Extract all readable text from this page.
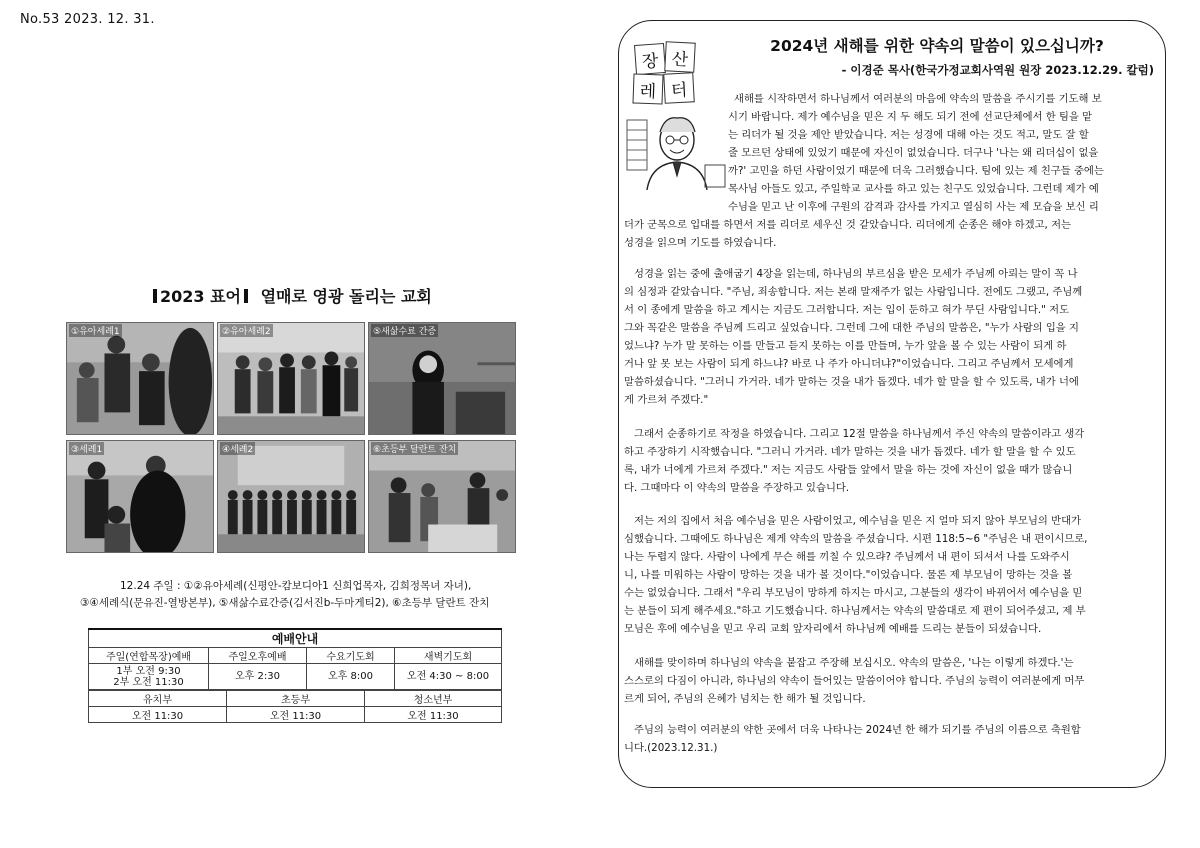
No.53 2023. 12. 31.
2023 표어 열매로 영광 돌리는 교회
①유아세례1	②유아세례2	⑤새삶수료 간증
③세례1	④세례2	⑥초등부 달란트 잔치
12.24 주일 : ①②유아세례(신평안-캄보디아1 신희업목자, 김희정목녀 자녀),
③④세례식(문유진-열방본부), ⑤새삶수료간증(김서진b-두마게티2), ⑥초등부 달란트 잔치
예배안내			
주일(연합목장)예배	주일오후예배	수요기도회	새벽기도회

1부 오전 9:30
2부 오전 11:30	오후 2:30	오후 8:00	오전 4:30 ~ 8:00
유치부	초등부	청소년부
오전 11:30	오전 11:30	오전 11:30
장 산
레 터
2024년 새해를 위한 약속의 말씀이 있으십니까?
- 이경준 목사(한국가정교회사역원 원장 2023.12.29. 칼럼)
새해를 시작하면서 하나님께서 여러분의 마음에 약속의 말씀을 주시기를 기도해 보
시기 바랍니다. 제가 예수님을 믿은 지 두 해도 되기 전에 선교단체에서 한 팀을 맡
는 리더가 될 것을 제안 받았습니다. 저는 성경에 대해 아는 것도 적고, 말도 잘 할
줄 모르던 상태에 있었기 때문에 자신이 없었습니다. 더구나 '나는 왜 리더십이 없을
까?' 고민을 하던 사람이었기 때문에 더욱 그러했습니다. 팀에 있는 제 친구들 중에는
목사님 아들도 있고, 주일학교 교사를 하고 있는 친구도 있었습니다. 그런데 제가 예
수님을 믿고 난 이후에 구원의 감격과 감사를 가지고 열심히 사는 제 모습을 보신 리
더가 군목으로 입대를 하면서 저를 리더로 세우신 것 같았습니다. 리더에게 순종은 해야 하겠고, 저는
성경을 읽으며 기도를 하였습니다.
성경을 읽는 중에 출애굽기 4장을 읽는데, 하나님의 부르심을 받은 모세가 주님께 아뢰는 말이 꼭 나
의 심정과 같았습니다. "주님, 죄송합니다. 저는 본래 말재주가 없는 사람입니다. 전에도 그랬고, 주님께
서 이 종에게 말씀을 하고 계시는 지금도 그러합니다. 저는 입이 둔하고 혀가 무딘 사람입니다." 저도
그와 꼭같은 말씀을 주님께 드리고 싶었습니다. 그런데 그에 대한 주님의 말씀은, "누가 사람의 입을 지
었느냐? 누가 말 못하는 이를 만들고 듣지 못하는 이를 만들며, 누가 앞을 볼 수 있는 사람이 되게 하
거나 앞 못 보는 사람이 되게 하느냐? 바로 나 주가 아니더냐?"이었습니다. 그리고 주님께서 모세에게
말씀하셨습니다. "그러니 가거라. 네가 말하는 것을 내가 돕겠다. 네가 할 말을 할 수 있도록, 내가 너에
게 가르쳐 주겠다."
그래서 순종하기로 작정을 하였습니다. 그리고 12절 말씀을 하나님께서 주신 약속의 말씀이라고 생각
하고 주장하기 시작했습니다. "그러니 가거라. 네가 말하는 것을 내가 돕겠다. 네가 할 말을 할 수 있도
록, 내가 너에게 가르쳐 주겠다." 저는 지금도 사람들 앞에서 말을 하는 것에 자신이 없을 때가 많습니
다. 그때마다 이 약속의 말씀을 주장하고 있습니다.
저는 저의 집에서 처음 예수님을 믿은 사람이었고, 예수님을 믿은 지 얼마 되지 않아 부모님의 반대가
심했습니다. 그때에도 하나님은 제게 약속의 말씀을 주셨습니다. 시편 118:5~6 "주님은 내 편이시므로,
나는 두렵지 않다. 사람이 나에게 무슨 해를 끼칠 수 있으랴? 주님께서 내 편이 되셔서 나를 도와주시
니, 나를 미워하는 사람이 망하는 것을 내가 볼 것이다."이었습니다. 물론 제 부모님이 망하는 것을 볼
수는 없었습니다. 그래서 "우리 부모님이 망하게 하지는 마시고, 그분들의 생각이 바뀌어서 예수님을 믿
는 분들이 되게 해주세요."하고 기도했습니다. 하나님께서는 약속의 말씀대로 제 편이 되어주셨고, 제 부
모님은 후에 예수님을 믿고 우리 교회 앞자리에서 하나님께 예배를 드리는 분들이 되셨습니다.
새해를 맞이하며 하나님의 약속을 붙잡고 주장해 보십시오. 약속의 말씀은, '나는 이렇게 하겠다.'는
스스로의 다짐이 아니라, 하나님의 약속이 들어있는 말씀이어야 합니다. 주님의 능력이 여러분에게 머무
르게 되어, 주님의 은혜가 넘치는 한 해가 될 것입니다.
주님의 능력이 여러분의 약한 곳에서 더욱 나타나는 2024년 한 해가 되기를 주님의 이름으로 축원합
니다.(2023.12.31.)
